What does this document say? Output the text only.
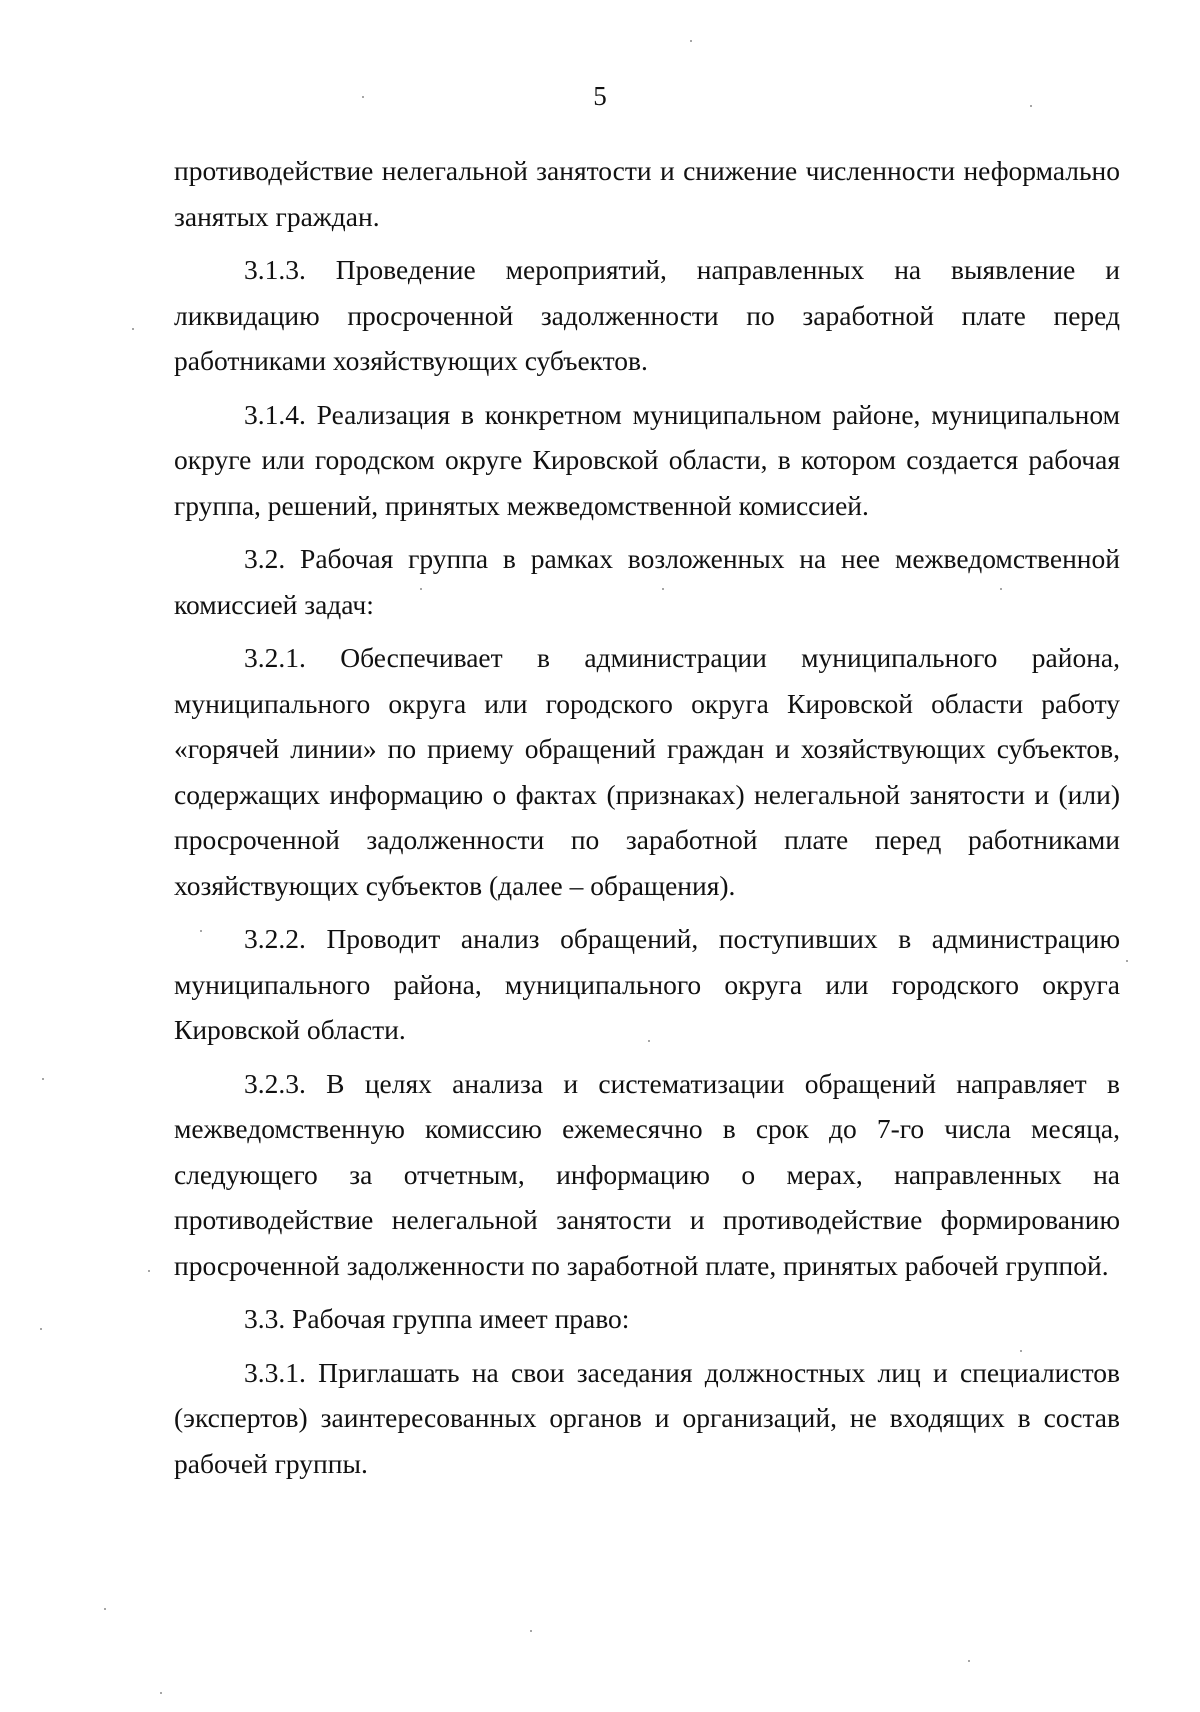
5

противодействие нелегальной занятости и снижение численности неформально занятых граждан.

3.1.3. Проведение мероприятий, направленных на выявление и ликвидацию просроченной задолженности по заработной плате перед работниками хозяйствующих субъектов.

3.1.4. Реализация в конкретном муниципальном районе, муниципальном округе или городском округе Кировской области, в котором создается рабочая группа, решений, принятых межведомственной комиссией.

3.2. Рабочая группа в рамках возложенных на нее межведомственной комиссией задач:

3.2.1. Обеспечивает в администрации муниципального района, муниципального округа или городского округа Кировской области работу «горячей линии» по приему обращений граждан и хозяйствующих субъектов, содержащих информацию о фактах (признаках) нелегальной занятости и (или) просроченной задолженности по заработной плате перед работниками хозяйствующих субъектов (далее – обращения).

3.2.2. Проводит анализ обращений, поступивших в администрацию муниципального района, муниципального округа или городского округа Кировской области.

3.2.3. В целях анализа и систематизации обращений направляет в межведомственную комиссию ежемесячно в срок до 7-го числа месяца, следующего за отчетным, информацию о мерах, направленных на противодействие нелегальной занятости и противодействие формированию просроченной задолженности по заработной плате, принятых рабочей группой.

3.3. Рабочая группа имеет право:

3.3.1. Приглашать на свои заседания должностных лиц и специалистов (экспертов) заинтересованных органов и организаций, не входящих в состав рабочей группы.
